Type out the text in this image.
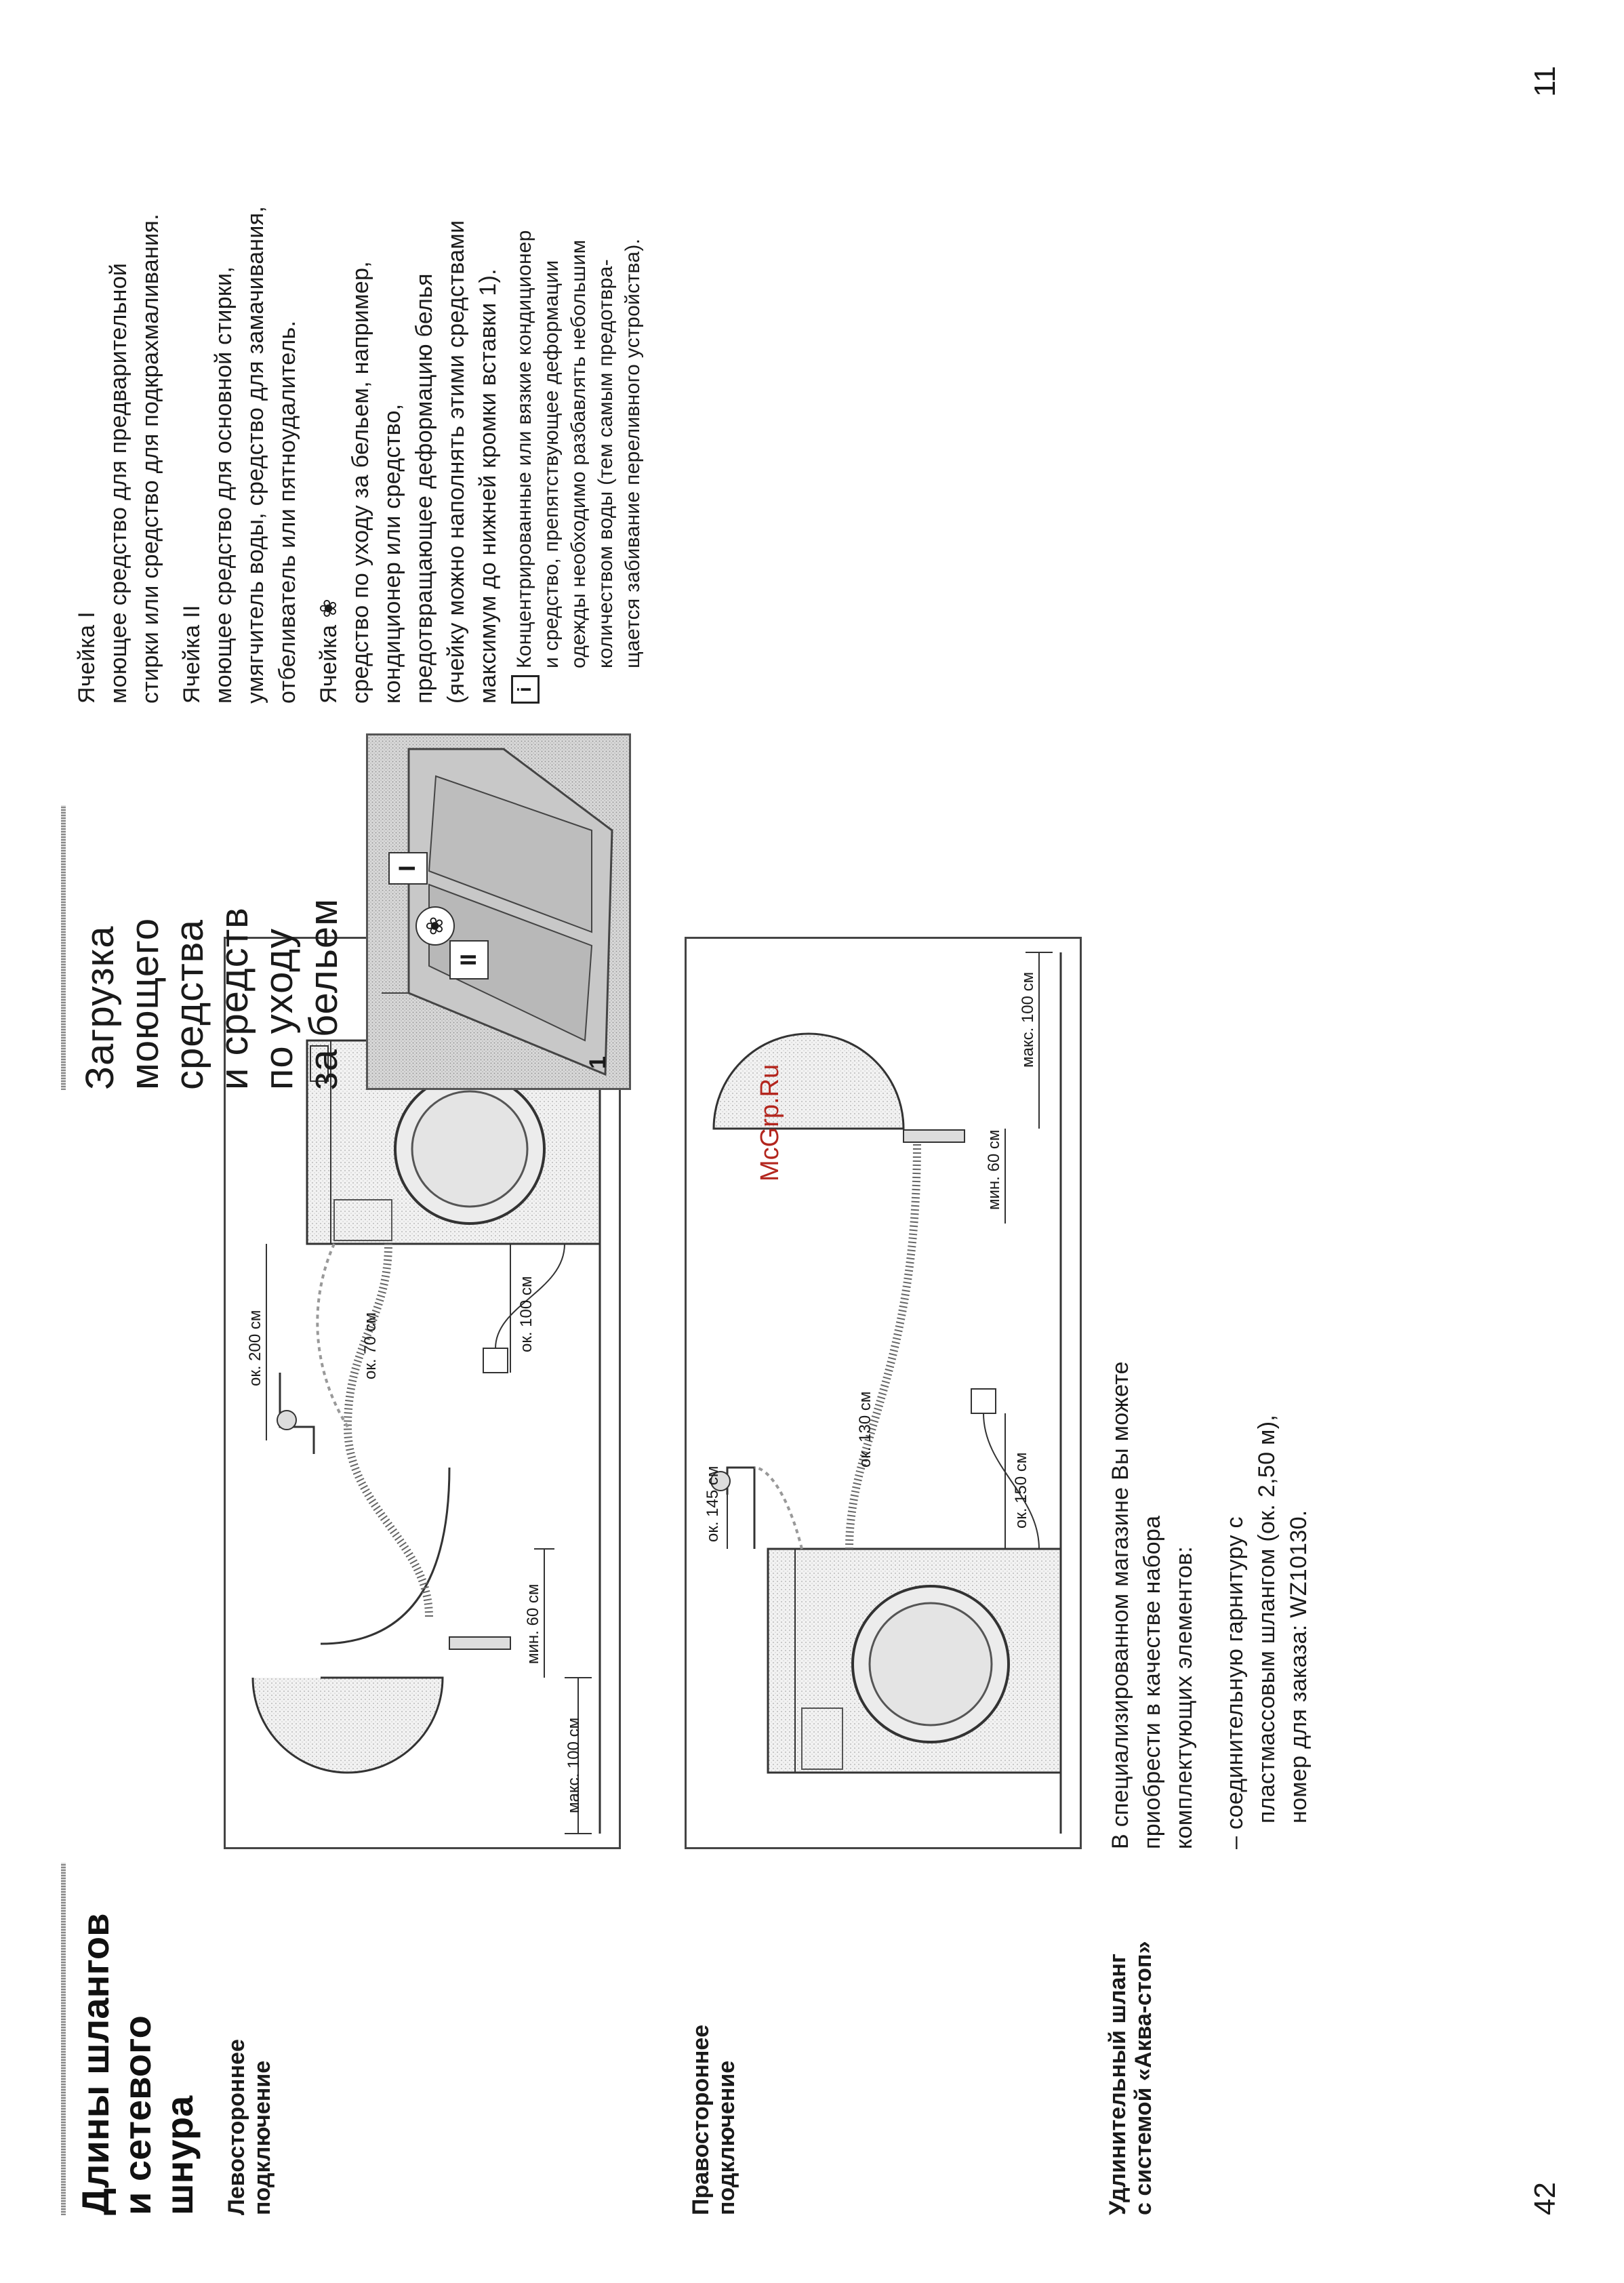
Длины шлангов и сетевого шнура Левостороннее подключение	Правостороннее подключение	Удлинительный шланг с системой «Аква-стоп»

В специализированном магазине Вы можете приобрести в качестве набора комплектующих элементов: – соединительную гарнитуру с пластмассовым шлангом (ок. 2,50 м), номер для заказа: WZ10130.

42
макс. 100 см
мин. 60 см
ок. 200 см	ок. 70 см	ок. 100 см
макс. 100 см
мин. 60 см
ок. 145 см
ок. 130 см
ок. 150 см
McGrp.Ru
Загрузка моющего средства и средств по уходу за бельем	1
I
❀
II

Ячейка I моющее средство для предварительной стирки или средство для подкрахмаливания. Ячейка II моющее средство для основной стирки, умягчитель воды, средство для замачивания, отбеливатель или пятноудалитель. Ячейка ❀ средство по уходу за бельем, например, кондиционер или средство, предотвращающее деформацию белья (ячейку можно наполнять этими средствами максимум до нижней кромки вставки 1). i

Концентрированные или вязкие кондиционер и средство, препятствующее деформации одежды необходимо разбавлять небольшим количеством воды (тем самым предотвра- щается забивание переливного устройства).

11
